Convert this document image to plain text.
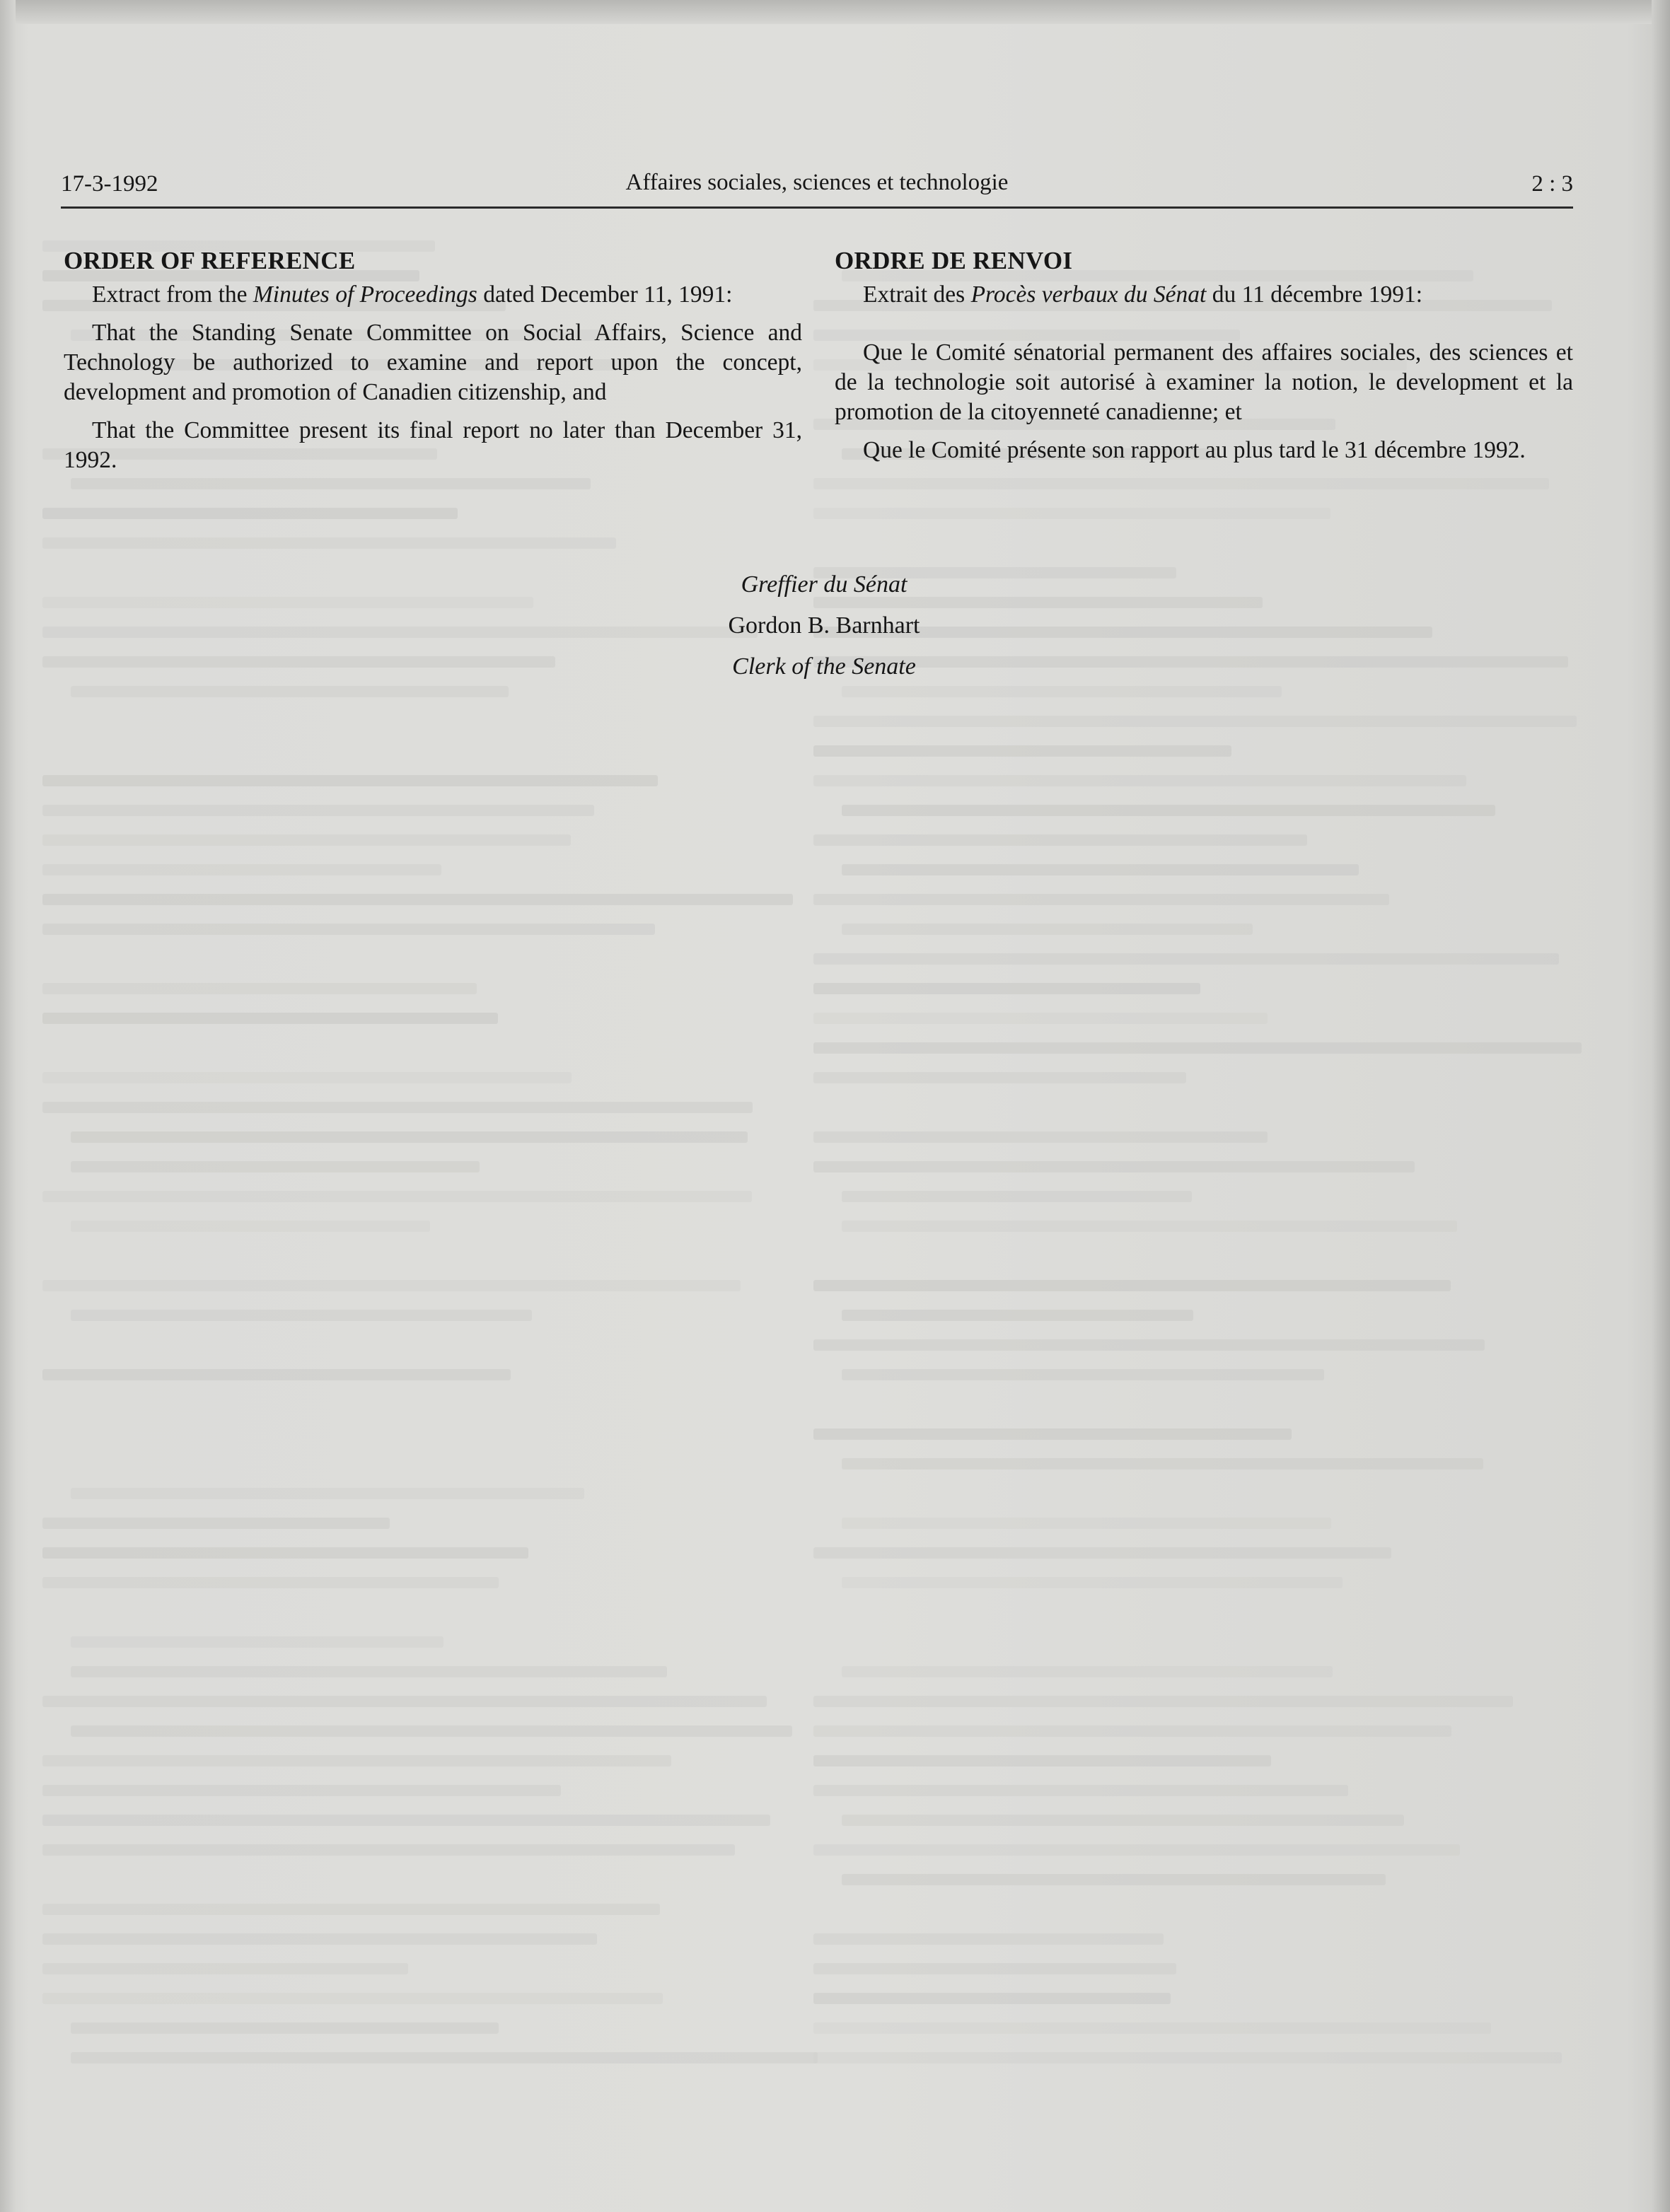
17-3-1992	Affaires sociales, sciences et technologie	2 : 3
ORDER OF REFERENCE

Extract from the Minutes of Proceedings dated December 11, 1991:

That the Standing Senate Committee on Social Affairs, Science and Technology be authorized to examine and report upon the concept, development and promotion of Canadien citizenship, and

That the Committee present its final report no later than December 31, 1992.

ORDRE DE RENVOI

Extrait des Procès verbaux du Sénat du 11 décembre 1991:

Que le Comité sénatorial permanent des affaires sociales, des sciences et de la technologie soit autorisé à examiner la notion, le development et la promotion de la citoyenneté canadienne; et

Que le Comité présente son rapport au plus tard le 31 décembre 1992.

Greffier du Sénat
Gordon B. Barnhart
Clerk of the Senate
